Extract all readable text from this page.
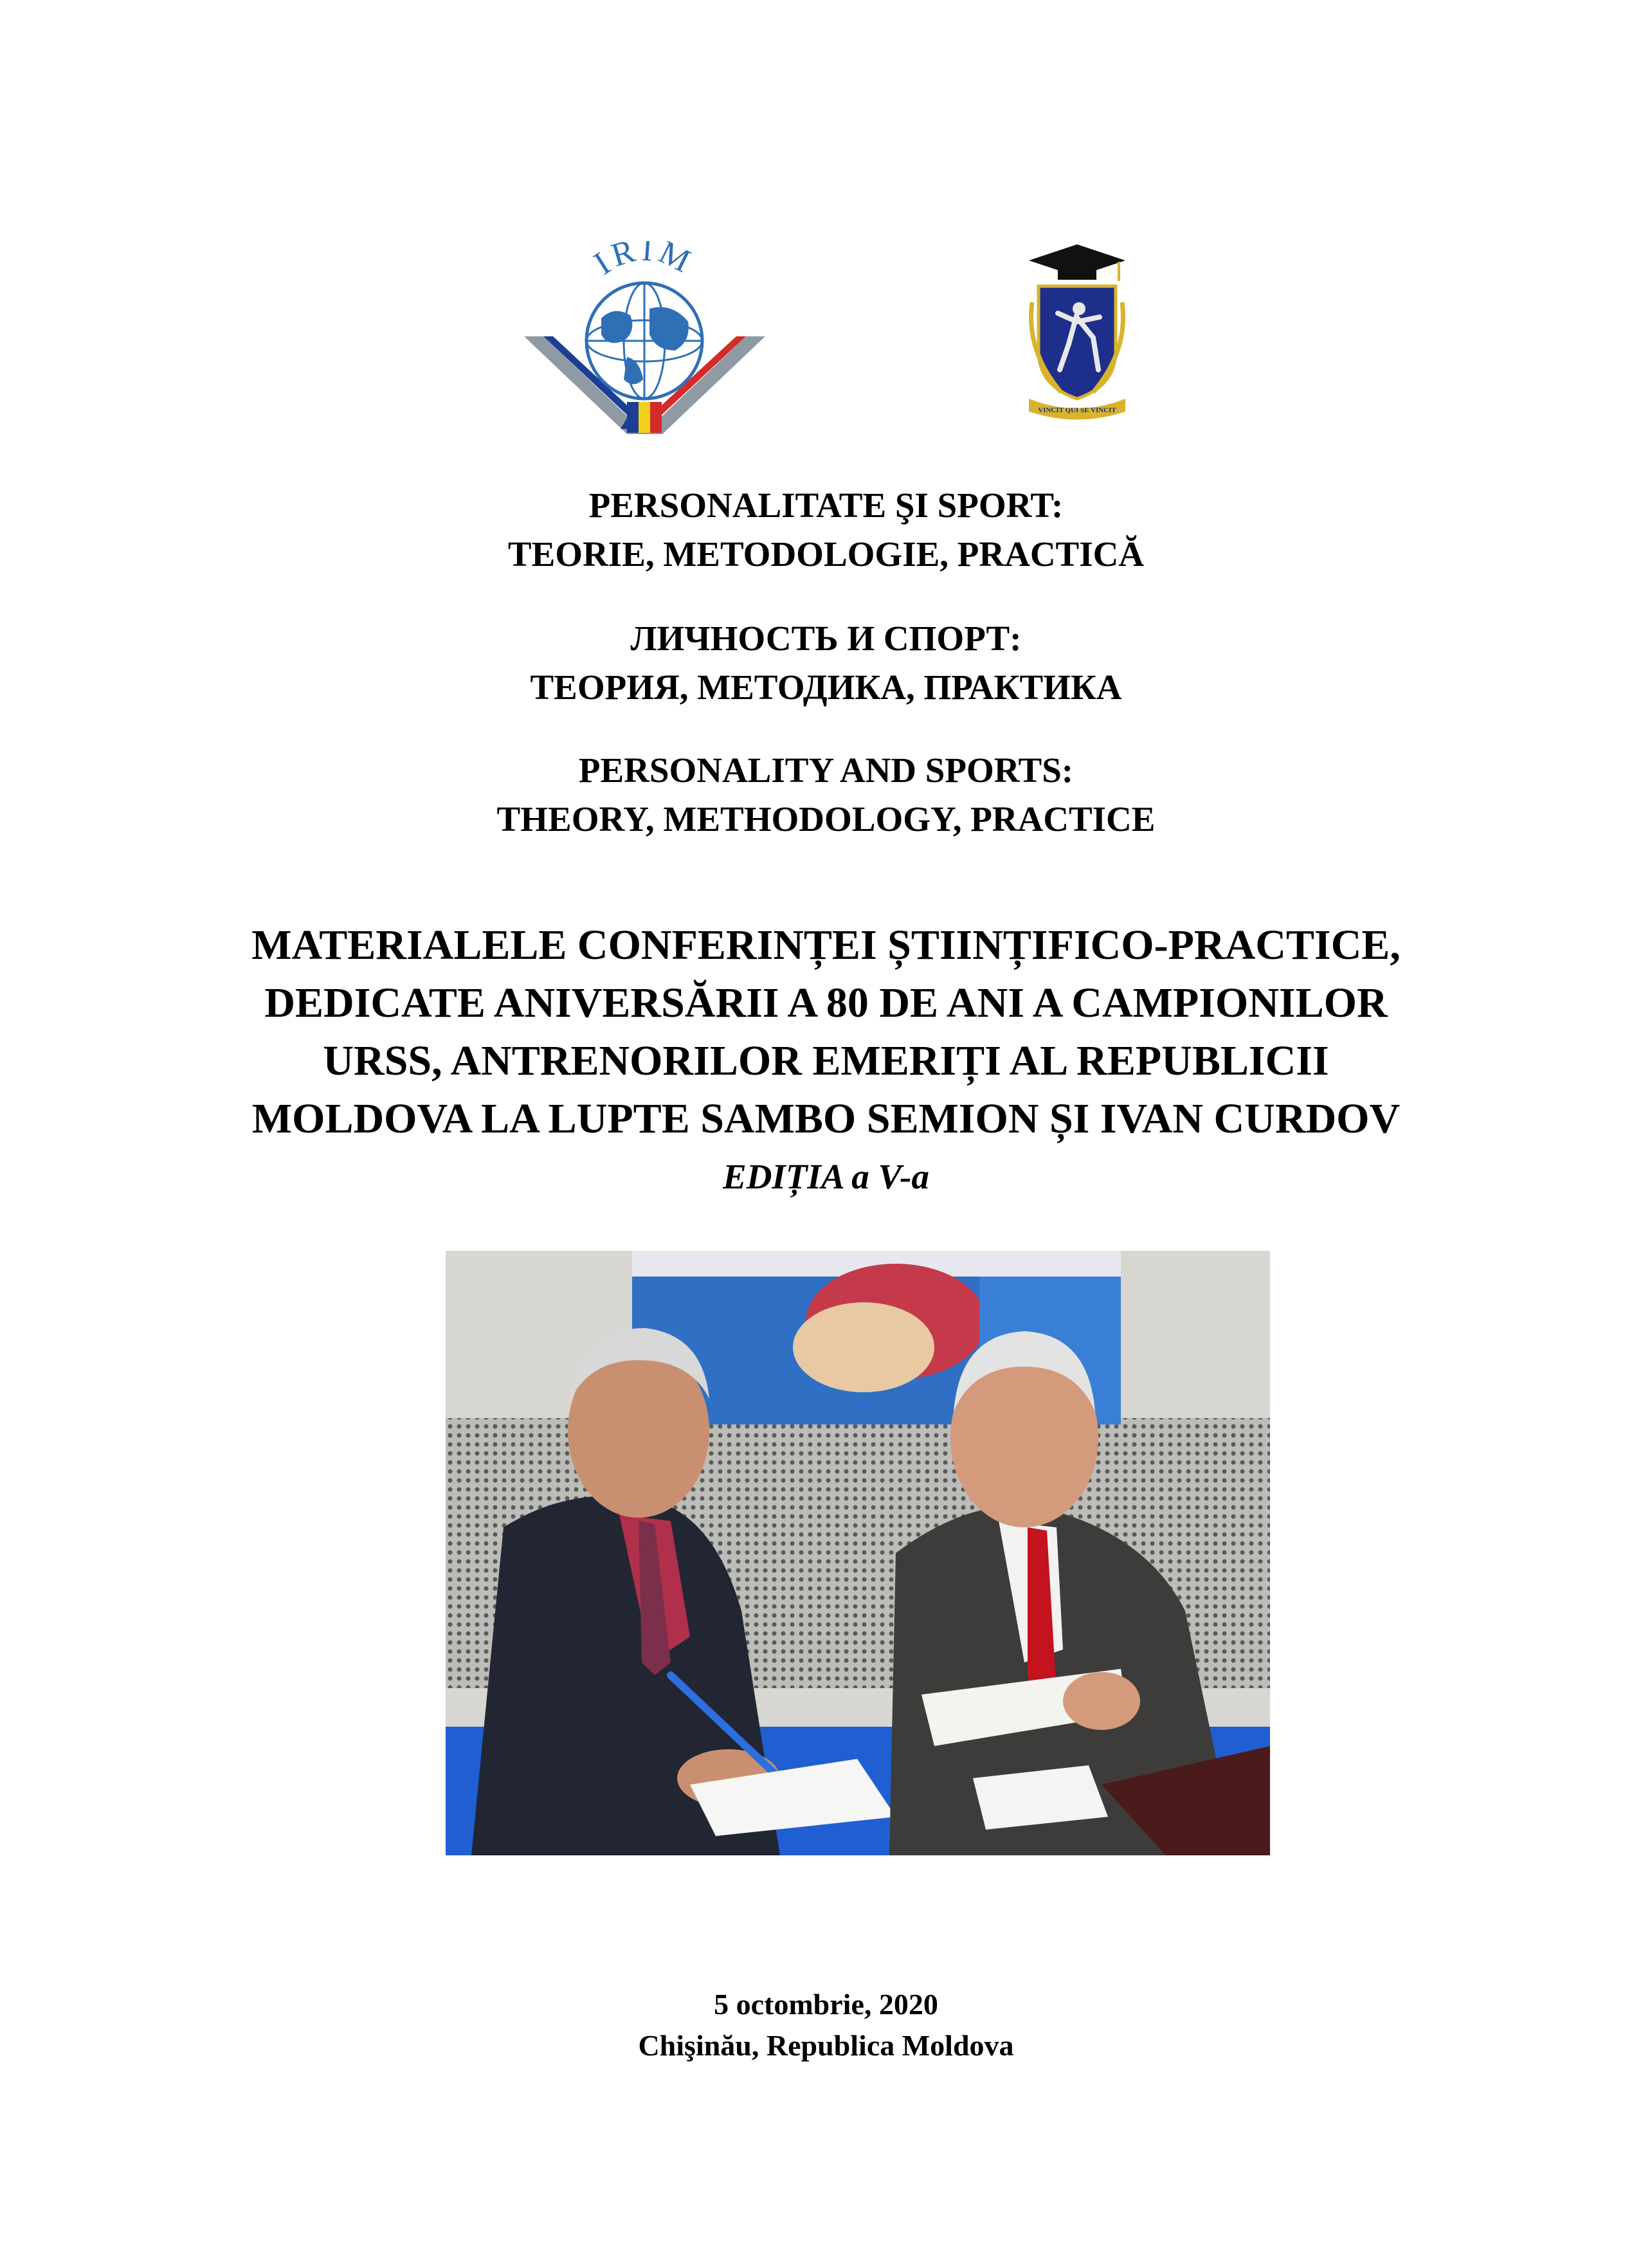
IRIM
VINCIT QUI SE VINCIT
PERSONALITATE ŞI SPORT:
TEORIE, METODOLOGIE, PRACTICĂ
ЛИЧНОСТЬ И СПОРТ:
ТЕОРИЯ, МЕТОДИКА, ПРАКТИКА
PERSONALITY AND SPORTS:
THEORY, METHODOLOGY, PRACTICE
MATERIALELE CONFERINȚEI ȘTIINȚIFICO-PRACTICE,
DEDICATE ANIVERSĂRII A 80 DE ANI A CAMPIONILOR
URSS, ANTRENORILOR EMERIȚI AL REPUBLICII
MOLDOVA LA LUPTE SAMBO SEMION ȘI IVAN CURDOV
EDIȚIA a V-a
5 octombrie, 2020
Chişinău, Republica Moldova
